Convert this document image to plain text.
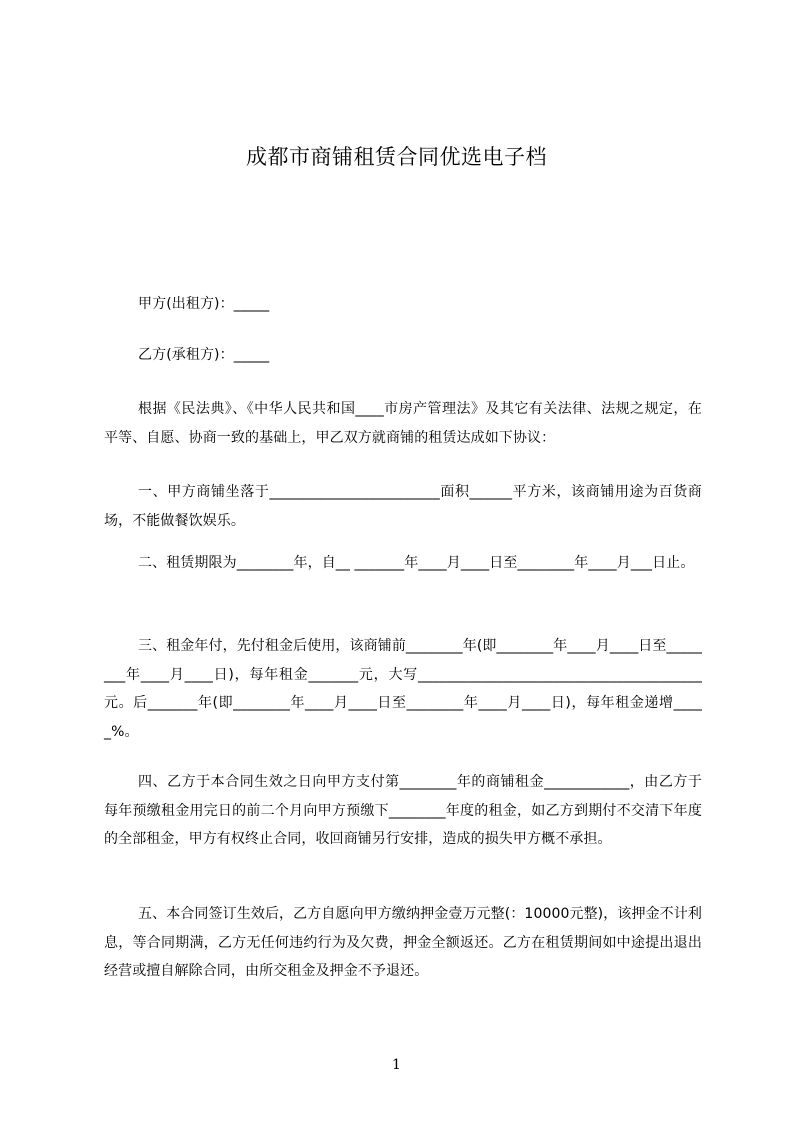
成都市商铺租赁合同优选电子档

甲方(出租方)：_____

乙方(承租方)：_____

根据《民法典》、《中华人民共和国____市房产管理法》及其它有关法律、法规之规定，在平等、自愿、协商一致的基础上，甲乙双方就商铺的租赁达成如下协议：

一、甲方商铺坐落于________________________面积______平方米，该商铺用途为百货商场，不能做餐饮娱乐。

二、租赁期限为________年，自__ _______年____月____日至________年____月___日止。

三、租金年付，先付租金后使用，该商铺前________年(即________年____月____日至________年____月____日)，每年租金_______元，大写________________________________________元。后_______年(即________年____月____日至________年____月____日)，每年租金递增_____%。

四、乙方于本合同生效之日向甲方支付第________年的商铺租金____________，由乙方于每年预缴租金用完日的前二个月向甲方预缴下________年度的租金，如乙方到期付不交清下年度的全部租金，甲方有权终止合同，收回商铺另行安排，造成的损失甲方概不承担。

五、本合同签订生效后，乙方自愿向甲方缴纳押金壹万元整(：10000元整)，该押金不计利息，等合同期满，乙方无任何违约行为及欠费，押金全额返还。乙方在租赁期间如中途提出退出经营或擅自解除合同，由所交租金及押金不予退还。

1
